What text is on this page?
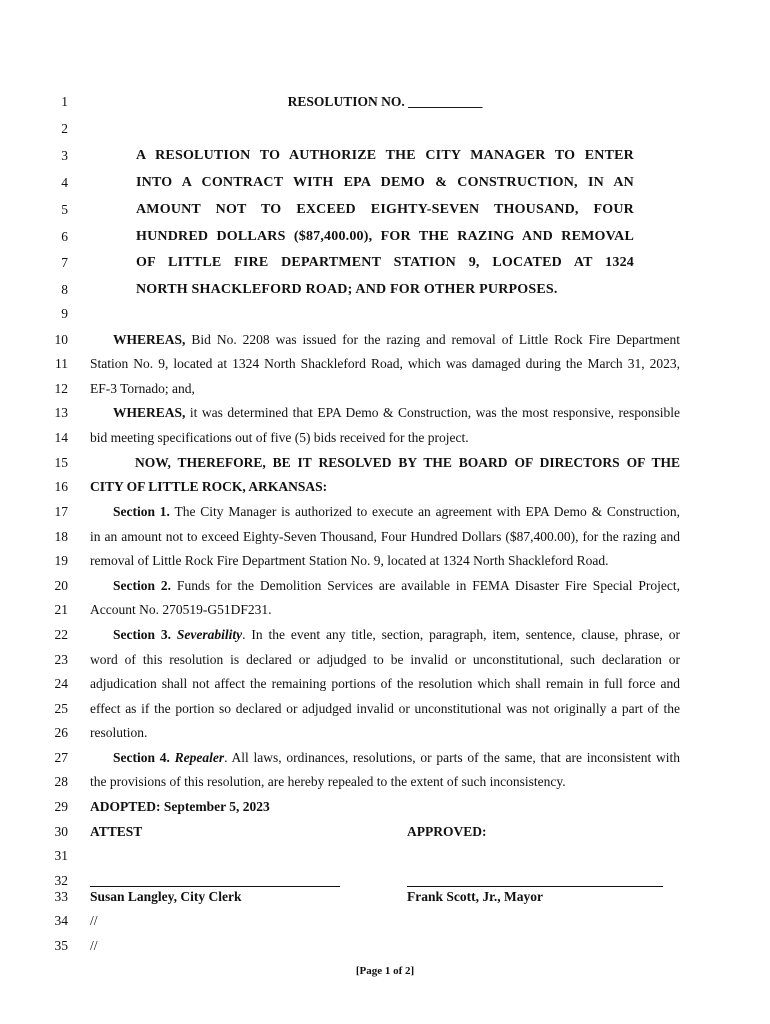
1
2
3
4
5
6
7
8
9
10
11
12
13
14
15
16
17
18
19
20
21
22
23
24
25
26
27
28
29
30
31
32
33
34
35
RESOLUTION NO. ___________
A RESOLUTION TO AUTHORIZE THE CITY MANAGER TO ENTER
INTO A CONTRACT WITH EPA DEMO & CONSTRUCTION, IN AN
AMOUNT NOT TO EXCEED EIGHTY-SEVEN THOUSAND, FOUR
HUNDRED DOLLARS ($87,400.00), FOR THE RAZING AND REMOVAL
OF LITTLE FIRE DEPARTMENT STATION 9, LOCATED AT 1324
NORTH SHACKLEFORD ROAD; AND FOR OTHER PURPOSES.
WHEREAS, Bid No. 2208 was issued for the razing and removal of Little Rock Fire Department
Station No. 9, located at 1324 North Shackleford Road, which was damaged during the March 31, 2023,
EF-3 Tornado; and,
WHEREAS, it was determined that EPA Demo & Construction, was the most responsive, responsible
bid meeting specifications out of five (5) bids received for the project.
NOW, THEREFORE, BE IT RESOLVED BY THE BOARD OF DIRECTORS OF THE
CITY OF LITTLE ROCK, ARKANSAS:
Section 1. The City Manager is authorized to execute an agreement with EPA Demo & Construction,
in an amount not to exceed Eighty-Seven Thousand, Four Hundred Dollars ($87,400.00), for the razing and
removal of Little Rock Fire Department Station No. 9, located at 1324 North Shackleford Road.
Section 2. Funds for the Demolition Services are available in FEMA Disaster Fire Special Project,
Account No. 270519-G51DF231.
Section 3. Severability. In the event any title, section, paragraph, item, sentence, clause, phrase, or
word of this resolution is declared or adjudged to be invalid or unconstitutional, such declaration or
adjudication shall not affect the remaining portions of the resolution which shall remain in full force and
effect as if the portion so declared or adjudged invalid or unconstitutional was not originally a part of the
resolution.
Section 4. Repealer. All laws, ordinances, resolutions, or parts of the same, that are inconsistent with
the provisions of this resolution, are hereby repealed to the extent of such inconsistency.
ADOPTED: September 5, 2023
ATTEST	APPROVED:
Susan Langley, City Clerk	Frank Scott, Jr., Mayor
//
//
[Page 1 of 2]
